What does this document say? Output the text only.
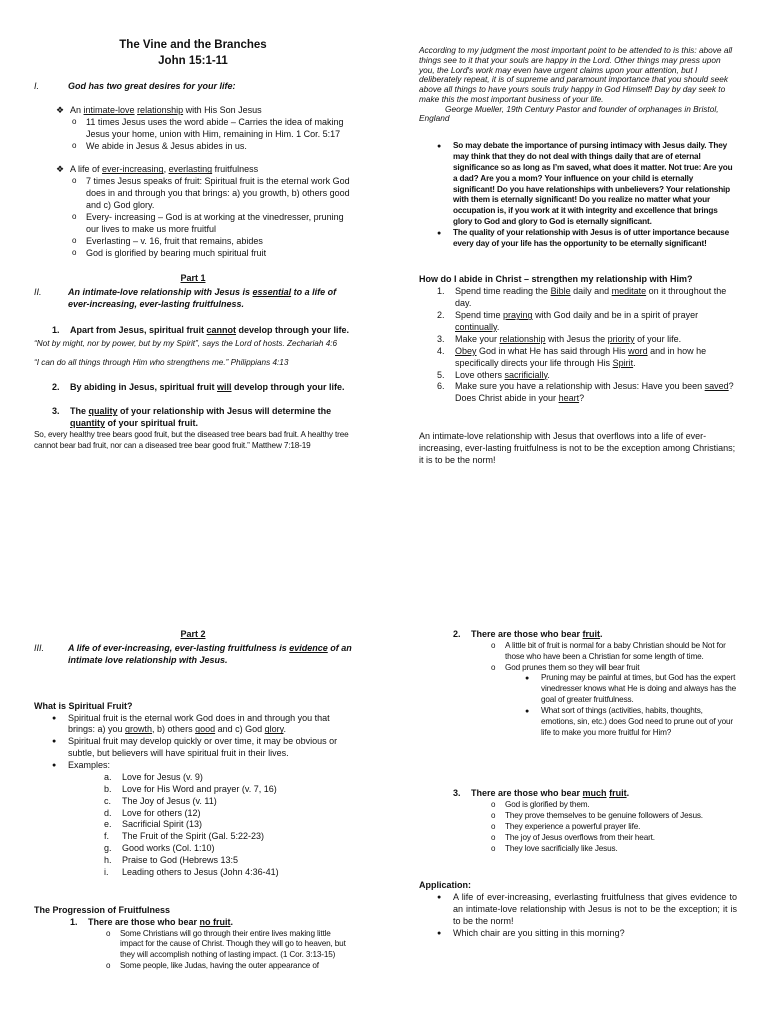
The Vine and the Branches
John 15:1-11
I.	God has two great desires for your life:
❖ An intimate-love relationship with His Son Jesus
o 11 times Jesus uses the word abide – Carries the idea of making Jesus your home, union with Him, remaining in Him. 1 Cor. 5:17
o We abide in Jesus & Jesus abides in us.
❖ A life of ever-increasing, everlasting fruitfulness
o 7 times Jesus speaks of fruit: Spiritual fruit is the eternal work God does in and through you that brings: a) you growth, b) others good and c) God glory.
o Every- increasing – God is at working at the vinedresser, pruning our lives to make us more fruitful
o Everlasting – v. 16, fruit that remains, abides
o God is glorified by bearing much spiritual fruit
Part 1
II.	An intimate-love relationship with Jesus is essential to a life of ever-increasing, ever-lasting fruitfulness.
1. Apart from Jesus, spiritual fruit cannot develop through your life.
“Not by might, nor by power, but by my Spirit”, says the Lord of hosts. Zechariah 4:6
“I can do all things through Him who strengthens me.” Philippians 4:13
2. By abiding in Jesus, spiritual fruit will develop through your life.
3. The quality of your relationship with Jesus will determine the quantity of your spiritual fruit.
So, every healthy tree bears good fruit, but the diseased tree bears bad fruit. A healthy tree cannot bear bad fruit, nor can a diseased tree bear good fruit.” Matthew 7:18-19
According to my judgment the most important point to be attended to is this: above all things see to it that your souls are happy in the Lord. Other things may press upon you, the Lord's work may even have urgent claims upon your attention, but I deliberately repeat, it is of supreme and paramount importance that you should seek above all things to have yours souls truly happy in God Himself! Day by day seek to make this the most important business of your life.
George Mueller, 19th Century Pastor and founder of orphanages in Bristol, England
● So may debate the importance of pursing intimacy with Jesus daily. They may think that they do not deal with things daily that are of eternal significance so as long as I’m saved, what does it matter. Not true: Are you a dad? Are you a mom? Your influence on your child is eternally significant! Do you have relationships with unbelievers? Your relationship with them is eternally significant! Do you realize no matter what your occupation is, if you work at it with integrity and excellence that brings glory to God and glory to God is eternally significant.
● The quality of your relationship with Jesus is of utter importance because every day of your life has the opportunity to be eternally significant!
How do I abide in Christ – strengthen my relationship with Him?
1. Spend time reading the Bible daily and meditate on it throughout the day.
2. Spend time praying with God daily and be in a spirit of prayer continually.
3. Make your relationship with Jesus the priority of your life.
4. Obey God in what He has said through His word and in how he specifically directs your life through His Spirit.
5. Love others sacrificially.
6. Make sure you have a relationship with Jesus: Have you been saved? Does Christ abide in your heart?
An intimate-love relationship with Jesus that overflows into a life of ever-increasing, ever-lasting fruitfulness is not to be the exception among Christians; it is to be the norm!
Part 2
III.	A life of ever-increasing, ever-lasting fruitfulness is evidence of an intimate love relationship with Jesus.
What is Spiritual Fruit?
● Spiritual fruit is the eternal work God does in and through you that brings: a) you growth, b) others good and c) God glory.
● Spiritual fruit may develop quickly or over time, it may be obvious or subtle, but believers will have spiritual fruit in their lives.
● Examples:
a. Love for Jesus (v. 9)
b. Love for His Word and prayer (v. 7, 16)
c. The Joy of Jesus (v. 11)
d. Love for others (12)
e. Sacrificial Spirit (13)
f. The Fruit of the Spirit (Gal. 5:22-23)
g. Good works (Col. 1:10)
h. Praise to God (Hebrews 13:5
i. Leading others to Jesus (John 4:36-41)
The Progression of Fruitfulness
1. There are those who bear no fruit.
o Some Christians will go through their entire lives making little impact for the cause of Christ. Though they will go to heaven, but they will accomplish nothing of lasting impact. (1 Cor. 3:13-15)
o Some people, like Judas, having the outer appearance of
2. There are those who bear fruit.
o A little bit of fruit is normal for a baby Christian should be Not for those who have been a Christian for some length of time.
o God prunes them so they will bear fruit
● Pruning may be painful at times, but God has the expert vinedresser knows what He is doing and always has the goal of greater fruitfulness.
● What sort of things (activities, habits, thoughts, emotions, sin, etc.) does God need to prune out of your life to make you more fruitful for Him?
3. There are those who bear much fruit.
o God is glorified by them.
o They prove themselves to be genuine followers of Jesus.
o They experience a powerful prayer life.
o The joy of Jesus overflows from their heart.
o They love sacrificially like Jesus.
Application:
● A life of ever-increasing, everlasting fruitfulness that gives evidence to an intimate-love relationship with Jesus is not to be the exception; it is to be the norm!
● Which chair are you sitting in this morning?
